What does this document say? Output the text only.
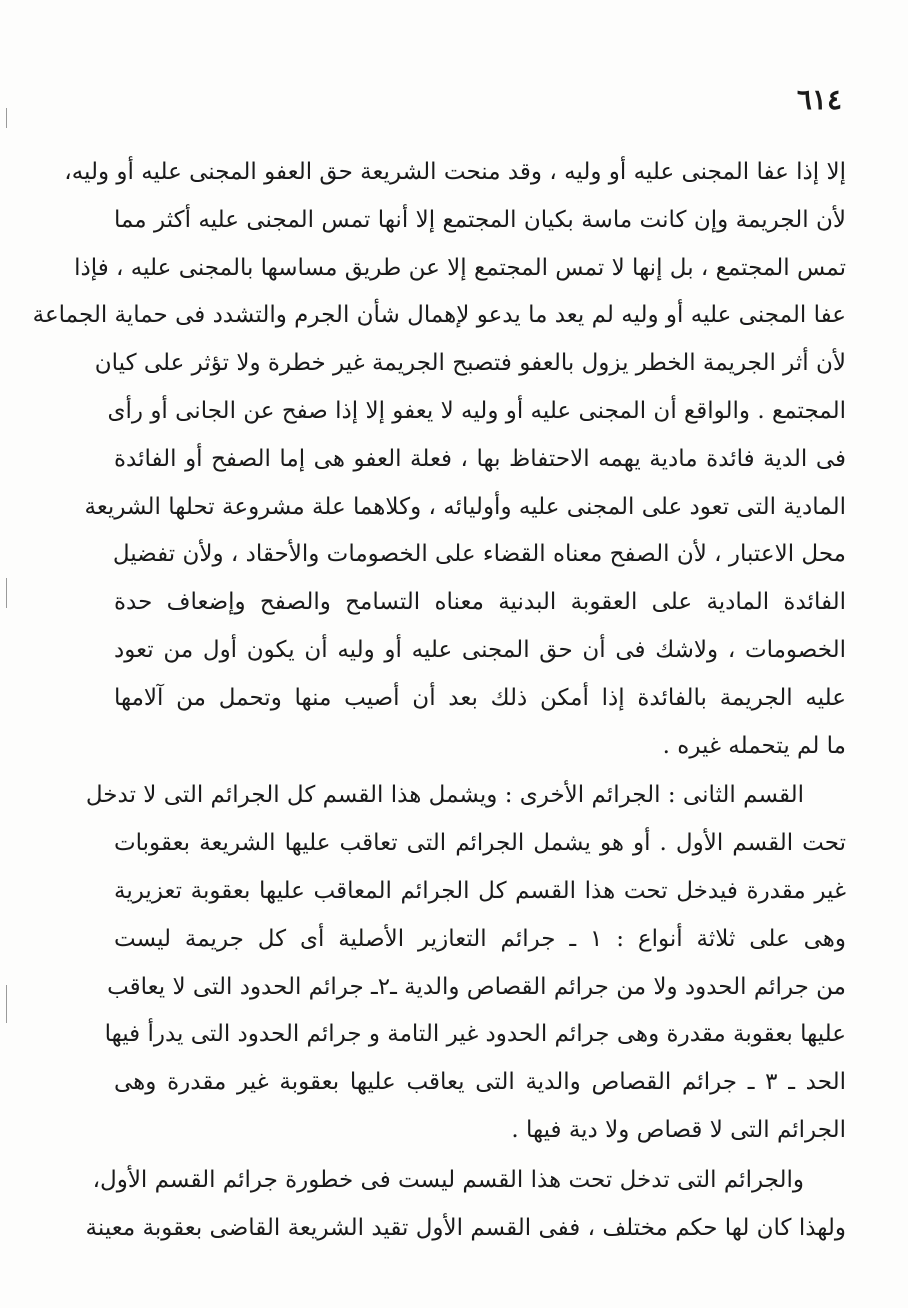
٦١٤
إلا إذا عفا المجنى عليه أو وليه ، وقد منحت الشريعة حق العفو المجنى عليه أو وليه،
لأن الجريمة وإن كانت ماسة بكيان المجتمع إلا أنها تمس المجنى عليه أكثر مما
تمس المجتمع ، بل إنها لا تمس المجتمع إلا عن طريق مساسها بالمجنى عليه ، فإذا
عفا المجنى عليه أو وليه لم يعد ما يدعو لإهمال شأن الجرم والتشدد فى حماية الجماعة
لأن أثر الجريمة الخطر يزول بالعفو فتصبح الجريمة غير خطرة ولا تؤثر على كيان
المجتمع . والواقع أن المجنى عليه أو وليه لا يعفو إلا إذا صفح عن الجانى أو رأى
فى الدية فائدة مادية يهمه الاحتفاظ بها ، فعلة العفو هى إما الصفح أو الفائدة
المادية التى تعود على المجنى عليه وأوليائه ، وكلاهما علة مشروعة تحلها الشريعة
محل الاعتبار ، لأن الصفح معناه القضاء على الخصومات والأحقاد ، ولأن تفضيل
الفائدة المادية على العقوبة البدنية معناه التسامح والصفح وإضعاف حدة
الخصومات ، ولاشك فى أن حق المجنى عليه أو وليه أن يكون أول من تعود
عليه الجريمة بالفائدة إذا أمكن ذلك بعد أن أصيب منها وتحمل من آلامها
ما لم يتحمله غيره .
القسم الثانى : الجرائم الأخرى : ويشمل هذا القسم كل الجرائم التى لا تدخل
تحت القسم الأول . أو هو يشمل الجرائم التى تعاقب عليها الشريعة بعقوبات
غير مقدرة فيدخل تحت هذا القسم كل الجرائم المعاقب عليها بعقوبة تعزيرية
وهى على ثلاثة أنواع : ١ ـ جرائم التعازير الأصلية أى كل جريمة ليست
من جرائم الحدود ولا من جرائم القصاص والدية ـ٢ـ جرائم الحدود التى لا يعاقب
عليها بعقوبة مقدرة وهى جرائم الحدود غير التامة و جرائم الحدود التى يدرأ فيها
الحد ـ ٣ ـ جرائم القصاص والدية التى يعاقب عليها بعقوبة غير مقدرة وهى
الجرائم التى لا قصاص ولا دية فيها .
والجرائم التى تدخل تحت هذا القسم ليست فى خطورة جرائم القسم الأول،
ولهذا كان لها حكم مختلف ، ففى القسم الأول تقيد الشريعة القاضى بعقوبة معينة
